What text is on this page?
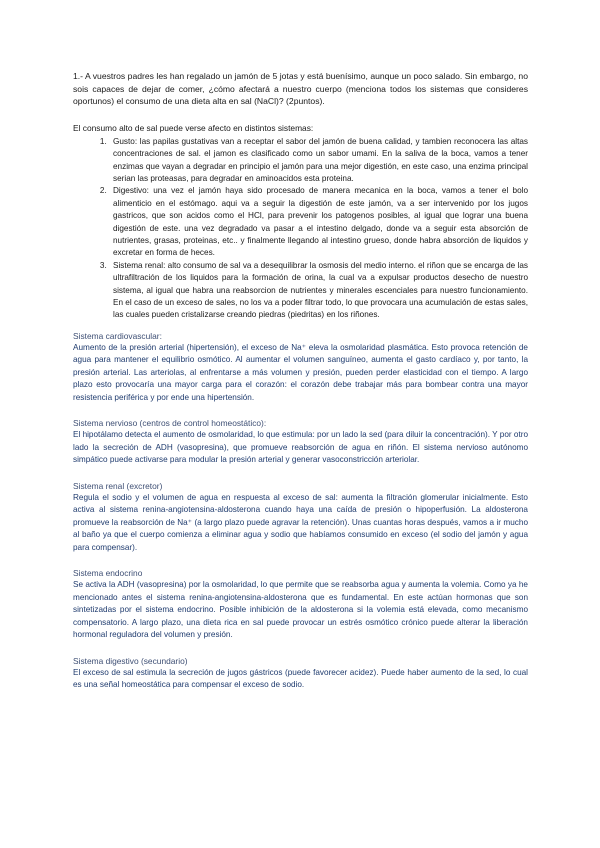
1.- A vuestros padres les han regalado un jamón de 5 jotas y está buenísimo, aunque un poco salado. Sin embargo, no sois capaces de dejar de comer, ¿cómo afectará a nuestro cuerpo (menciona todos los sistemas que consideres oportunos) el consumo de una dieta alta en sal (NaCl)? (2puntos).

El consumo alto de sal puede verse afecto en distintos sistemas:

1. Gusto: las papilas gustativas van a receptar el sabor del jamón de buena calidad, y tambien reconocera las altas concentraciones de sal. el jamon es clasificado como un sabor umami. En la saliva de la boca, vamos a tener enzimas que vayan a degradar en principio el jamón para una mejor digestión, en este caso, una enzima principal serian las proteasas, para degradar en aminoacidos esta proteina.
2. Digestivo: una vez el jamón haya sido procesado de manera mecanica en la boca, vamos a tener el bolo alimenticio en el estómago. aqui va a seguir la digestión de este jamón, va a ser intervenido por los jugos gastricos, que son acidos como el HCl, para prevenir los patogenos posibles, al igual que lograr una buena digestión de este. una vez degradado va pasar a el intestino delgado, donde va a seguir esta absorción de nutrientes, grasas, proteinas, etc.. y finalmente llegando al intestino grueso, donde habra absorción de liquidos y excretar en forma de heces.
3. Sistema renal: alto consumo de sal va a desequilibrar la osmosis del medio interno. el riñon que se encarga de las ultrafiltración de los liquidos para la formación de orina, la cual va a expulsar productos desecho de nuestro sistema, al igual que habra una reabsorcion de nutrientes y minerales escenciales para nuestro funcionamiento. En el caso de un exceso de sales, no los va a poder filtrar todo, lo que provocara una acumulación de estas sales, las cuales pueden cristalizarse creando piedras (piedritas) en los riñones.
Sistema cardiovascular:

Aumento de la presión arterial (hipertensión), el exceso de Na⁺ eleva la osmolaridad plasmática. Esto provoca retención de agua para mantener el equilibrio osmótico. Al aumentar el volumen sanguíneo, aumenta el gasto cardíaco y, por tanto, la presión arterial. Las arteriolas, al enfrentarse a más volumen y presión, pueden perder elasticidad con el tiempo. A largo plazo esto provocaría una mayor carga para el corazón: el corazón debe trabajar más para bombear contra una mayor resistencia periférica y por ende una hipertensión.

Sistema nervioso (centros de control homeostático):

El hipotálamo detecta el aumento de osmolaridad, lo que estimula: por un lado la sed (para diluir la concentración). Y por otro lado la secreción de ADH (vasopresina), que promueve reabsorción de agua en riñón. El sistema nervioso autónomo simpático puede activarse para modular la presión arterial y generar vasoconstricción arteriolar.

Sistema renal (excretor)

Regula el sodio y el volumen de agua en respuesta al exceso de sal: aumenta la filtración glomerular inicialmente. Esto activa al sistema renina-angiotensina-aldosterona cuando haya una caída de presión o hipoperfusión. La aldosterona promueve la reabsorción de Na⁺ (a largo plazo puede agravar la retención). Unas cuantas horas después, vamos a ir mucho al baño ya que el cuerpo comienza a eliminar agua y sodio que habíamos consumido en exceso (el sodio del jamón y agua para compensar).

Sistema endocrino

Se activa la ADH (vasopresina) por la osmolaridad, lo que permite que se reabsorba agua y aumenta la volemia. Como ya he mencionado antes el sistema renina-angiotensina-aldosterona que es fundamental. En este actúan hormonas que son sintetizadas por el sistema endocrino. Posible inhibición de la aldosterona si la volemia está elevada, como mecanismo compensatorio. A largo plazo, una dieta rica en sal puede provocar un estrés osmótico crónico puede alterar la liberación hormonal reguladora del volumen y presión.

Sistema digestivo (secundario)

El exceso de sal estimula la secreción de jugos gástricos (puede favorecer acidez). Puede haber aumento de la sed, lo cual es una señal homeostática para compensar el exceso de sodio.
